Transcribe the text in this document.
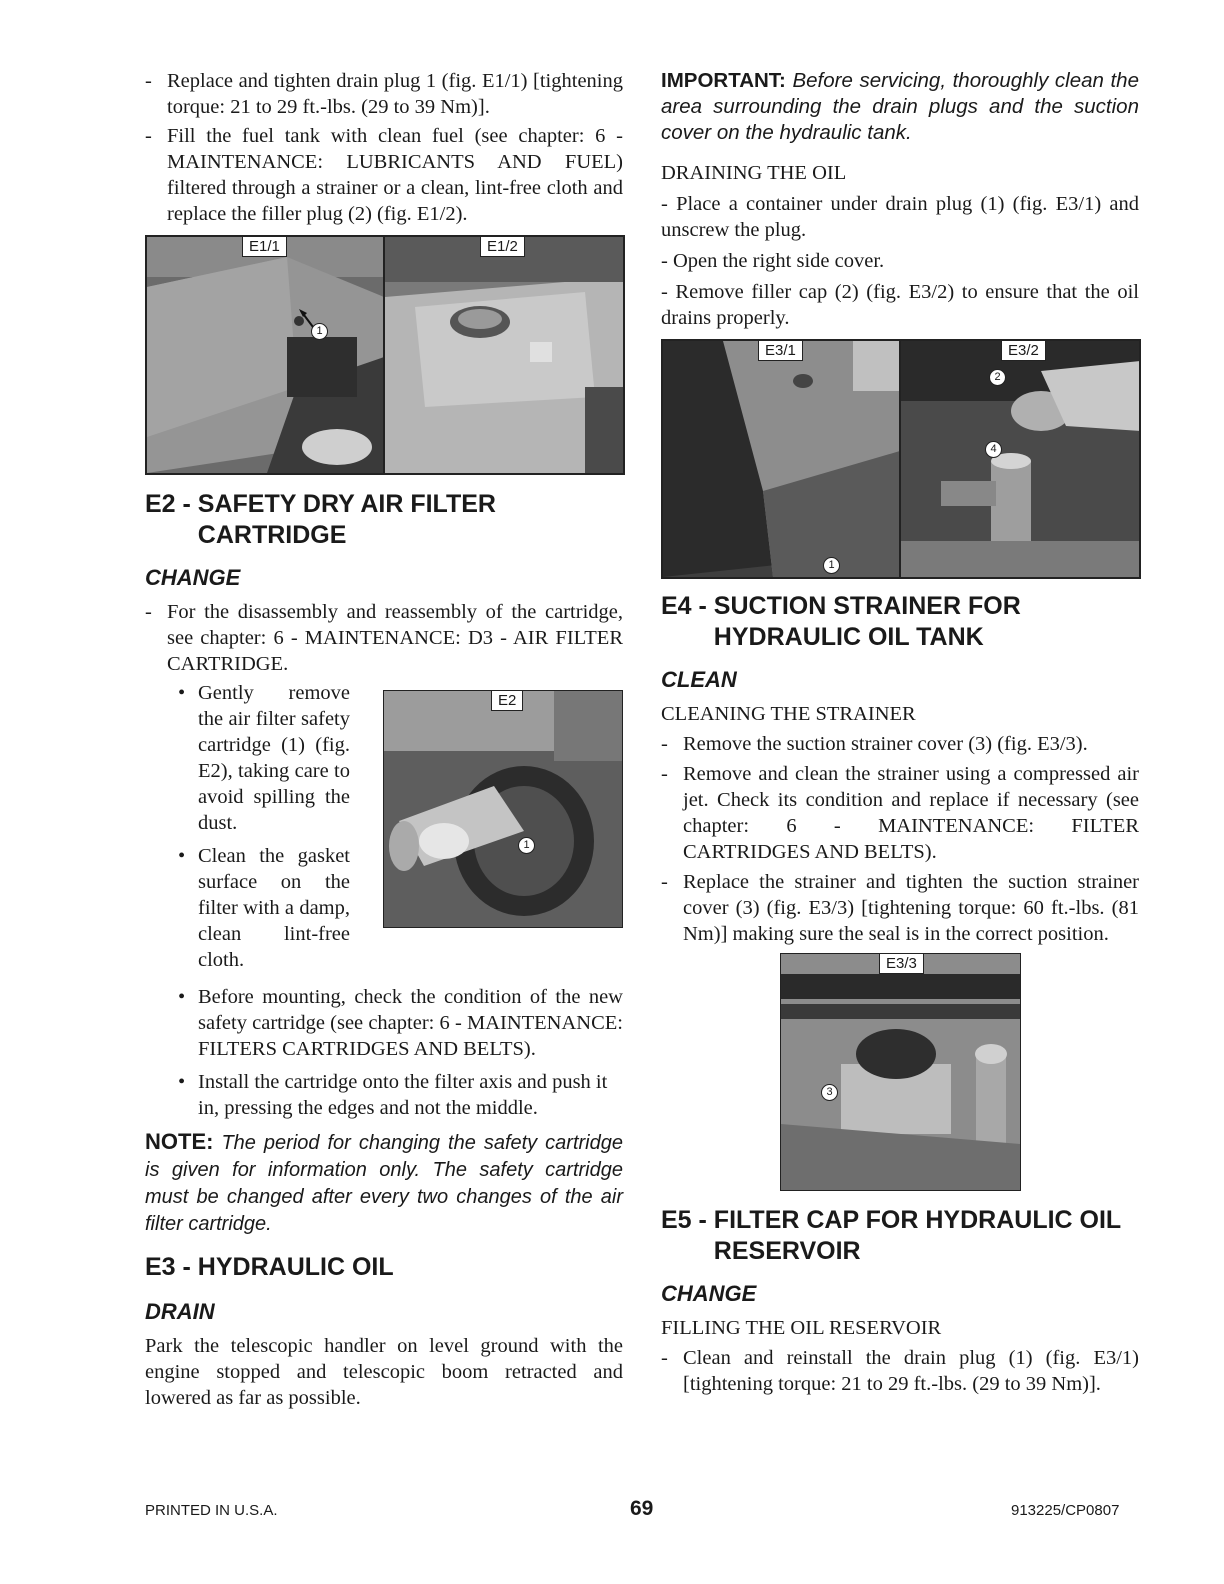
- Replace and tighten drain plug 1 (fig. E1/1) [tightening torque: 21 to 29 ft.-lbs. (29 to 39 Nm)].

- Fill the fuel tank with clean fuel (see chapter: 6 - MAINTENANCE: LUBRICANTS AND FUEL) filtered through a strainer or a clean, lint-free cloth and replace the filler plug (2) (fig. E1/2).

E1/1
1
E1/2
E2 - SAFETY DRY AIR FILTER CARTRIDGE
CHANGE

- For the disassembly and reassembly of the cartridge, see chapter: 6 - MAINTENANCE: D3 - AIR FILTER CARTRIDGE.

• Gently remove the air filter safety cartridge (1) (fig. E2), taking care to avoid spilling the dust.

• Clean the gasket surface on the filter with a damp, clean lint-free cloth.

E2
1

• Before mounting, check the condition of the new safety cartridge (see chapter: 6 - MAINTENANCE: FILTERS CARTRIDGES AND BELTS).

• Install the cartridge onto the filter axis and push it in, pressing the edges and not the middle.

NOTE: The period for changing the safety cartridge is given for information only. The safety cartridge must be changed after every two changes of the air filter cartridge.

E3 - HYDRAULIC OIL
DRAIN

Park the telescopic handler on level ground with the engine stopped and telescopic boom retracted and lowered as far as possible.

IMPORTANT: Before servicing, thoroughly clean the area surrounding the drain plugs and the suction cover on the hydraulic tank.

DRAINING THE OIL

- Place a container under drain plug (1) (fig. E3/1) and unscrew the plug.

- Open the right side cover.

- Remove filler cap (2) (fig. E3/2) to ensure that the oil drains properly.

E3/1
1
E3/2
2
4
E4 - SUCTION STRAINER FOR HYDRAULIC OIL TANK
CLEAN

CLEANING THE STRAINER

- Remove the suction strainer cover (3) (fig. E3/3).

- Remove and clean the strainer using a compressed air jet. Check its condition and replace if necessary (see chapter: 6 - MAINTENANCE: FILTER CARTRIDGES AND BELTS).

- Replace the strainer and tighten the suction strainer cover (3) (fig. E3/3) [tightening torque: 60 ft.-lbs. (81 Nm)] making sure the seal is in the correct position.

E3/3
3
E5 - FILTER CAP FOR HYDRAULIC OIL RESERVOIR
CHANGE

FILLING THE OIL RESERVOIR

- Clean and reinstall the drain plug (1) (fig. E3/1) [tightening torque: 21 to 29 ft.-lbs. (29 to 39 Nm)].

PRINTED IN U.S.A.	69	913225/CP0807
